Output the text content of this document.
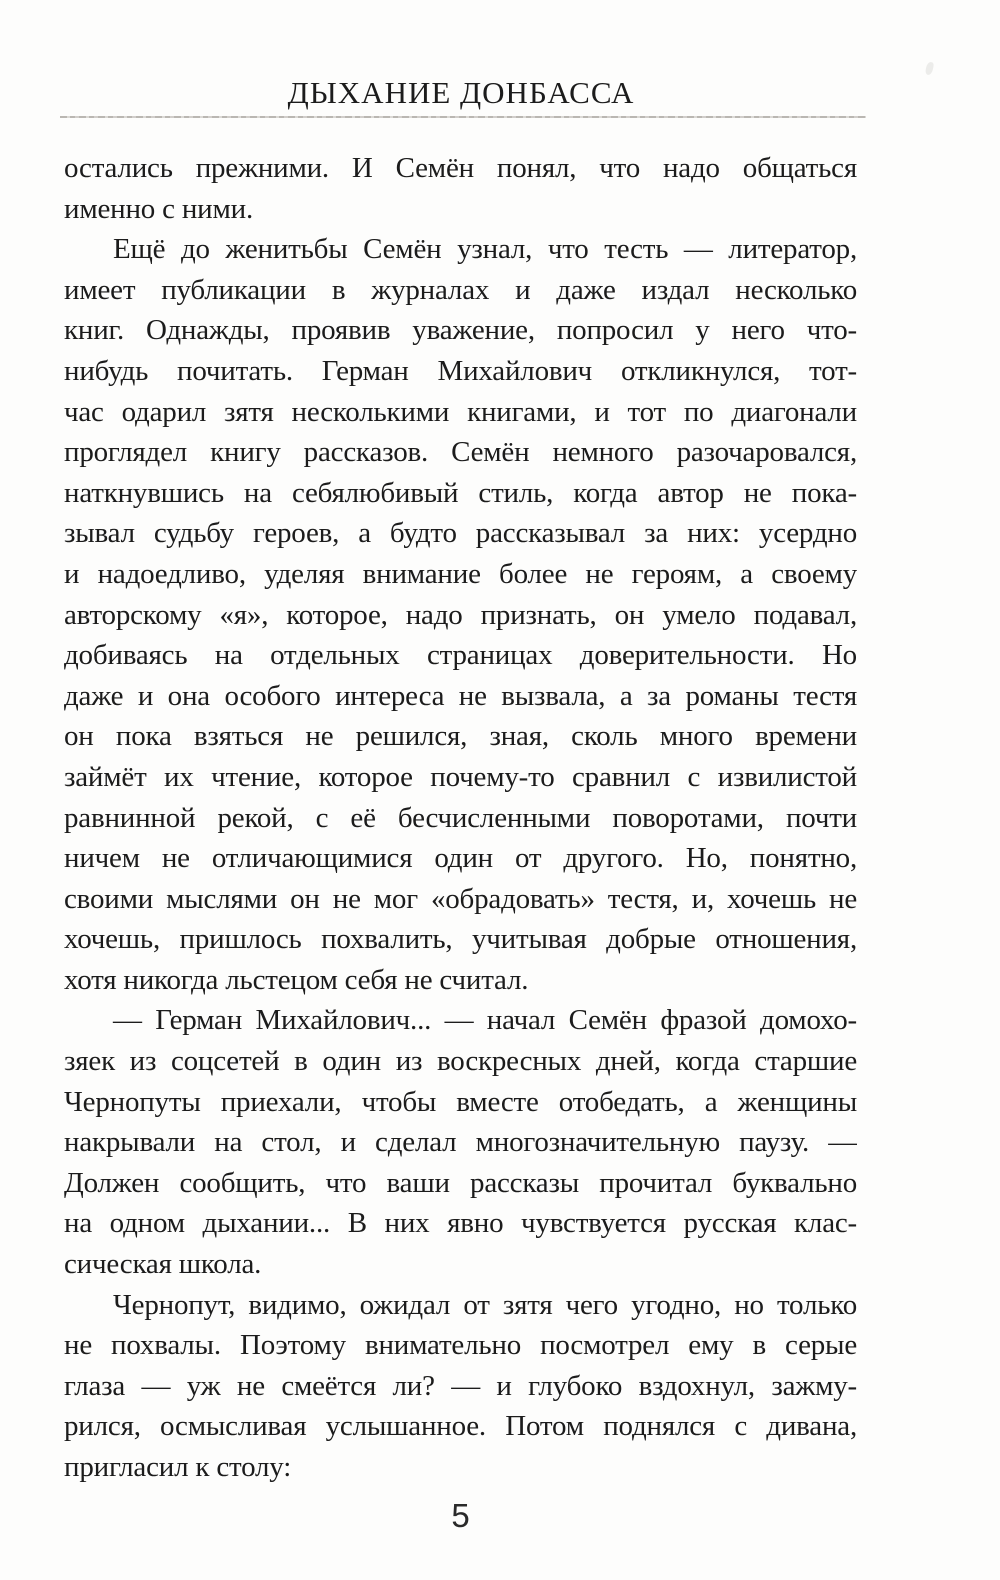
ДЫХАНИЕ ДОНБАССА
остались прежними. И Семён понял, что надо общаться
именно с ними.
Ещё до женитьбы Семён узнал, что тесть — литератор,
имеет публикации в журналах и даже издал несколько
книг. Однажды, проявив уважение, попросил у него что-
нибудь почитать. Герман Михайлович откликнулся, тот-
час одарил зятя несколькими книгами, и тот по диагонали
проглядел книгу рассказов. Семён немного разочаровался,
наткнувшись на себялюбивый стиль, когда автор не пока-
зывал судьбу героев, а будто рассказывал за них: усердно
и надоедливо, уделяя внимание более не героям, а своему
авторскому «я», которое, надо признать, он умело подавал,
добиваясь на отдельных страницах доверительности. Но
даже и она особого интереса не вызвала, а за романы тестя
он пока взяться не решился, зная, сколь много времени
займёт их чтение, которое почему-то сравнил с извилистой
равнинной рекой, с её бесчисленными поворотами, почти
ничем не отличающимися один от другого. Но, понятно,
своими мыслями он не мог «обрадовать» тестя, и, хочешь не
хочешь, пришлось похвалить, учитывая добрые отношения,
хотя никогда льстецом себя не считал.
— Герман Михайлович... — начал Семён фразой домохо-
зяек из соцсетей в один из воскресных дней, когда старшие
Чернопуты приехали, чтобы вместе отобедать, а женщины
накрывали на стол, и сделал многозначительную паузу. —
Должен сообщить, что ваши рассказы прочитал буквально
на одном дыхании... В них явно чувствуется русская клас-
сическая школа.
Чернопут, видимо, ожидал от зятя чего угодно, но только
не похвалы. Поэтому внимательно посмотрел ему в серые
глаза — уж не смеётся ли? — и глубоко вздохнул, зажму-
рился, осмысливая услышанное. Потом поднялся с дивана,
пригласил к столу:
5
